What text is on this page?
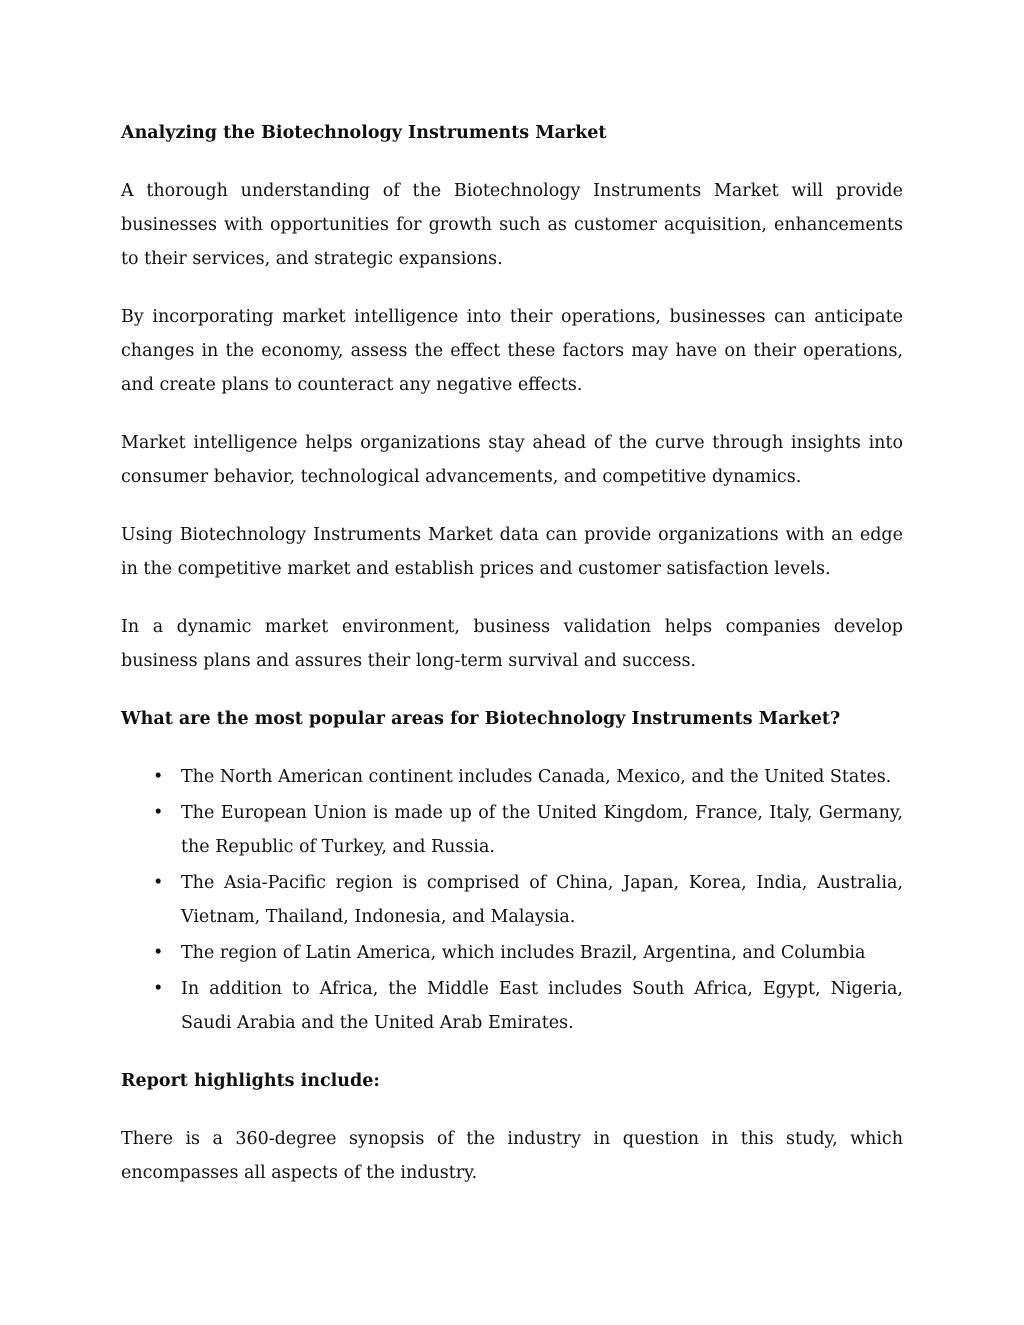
Analyzing the Biotechnology Instruments Market

A thorough understanding of the Biotechnology Instruments Market will provide businesses with opportunities for growth such as customer acquisition, enhancements to their services, and strategic expansions.

By incorporating market intelligence into their operations, businesses can anticipate changes in the economy, assess the effect these factors may have on their operations, and create plans to counteract any negative effects.

Market intelligence helps organizations stay ahead of the curve through insights into consumer behavior, technological advancements, and competitive dynamics.

Using Biotechnology Instruments Market data can provide organizations with an edge in the competitive market and establish prices and customer satisfaction levels.

In a dynamic market environment, business validation helps companies develop business plans and assures their long-term survival and success.

What are the most popular areas for Biotechnology Instruments Market?
• The North American continent includes Canada, Mexico, and the United States.
• The European Union is made up of the United Kingdom, France, Italy, Germany, the Republic of Turkey, and Russia.
• The Asia-Pacific region is comprised of China, Japan, Korea, India, Australia, Vietnam, Thailand, Indonesia, and Malaysia.
• The region of Latin America, which includes Brazil, Argentina, and Columbia
• In addition to Africa, the Middle East includes South Africa, Egypt, Nigeria, Saudi Arabia and the United Arab Emirates.
Report highlights include:

There is a 360-degree synopsis of the industry in question in this study, which encompasses all aspects of the industry.
